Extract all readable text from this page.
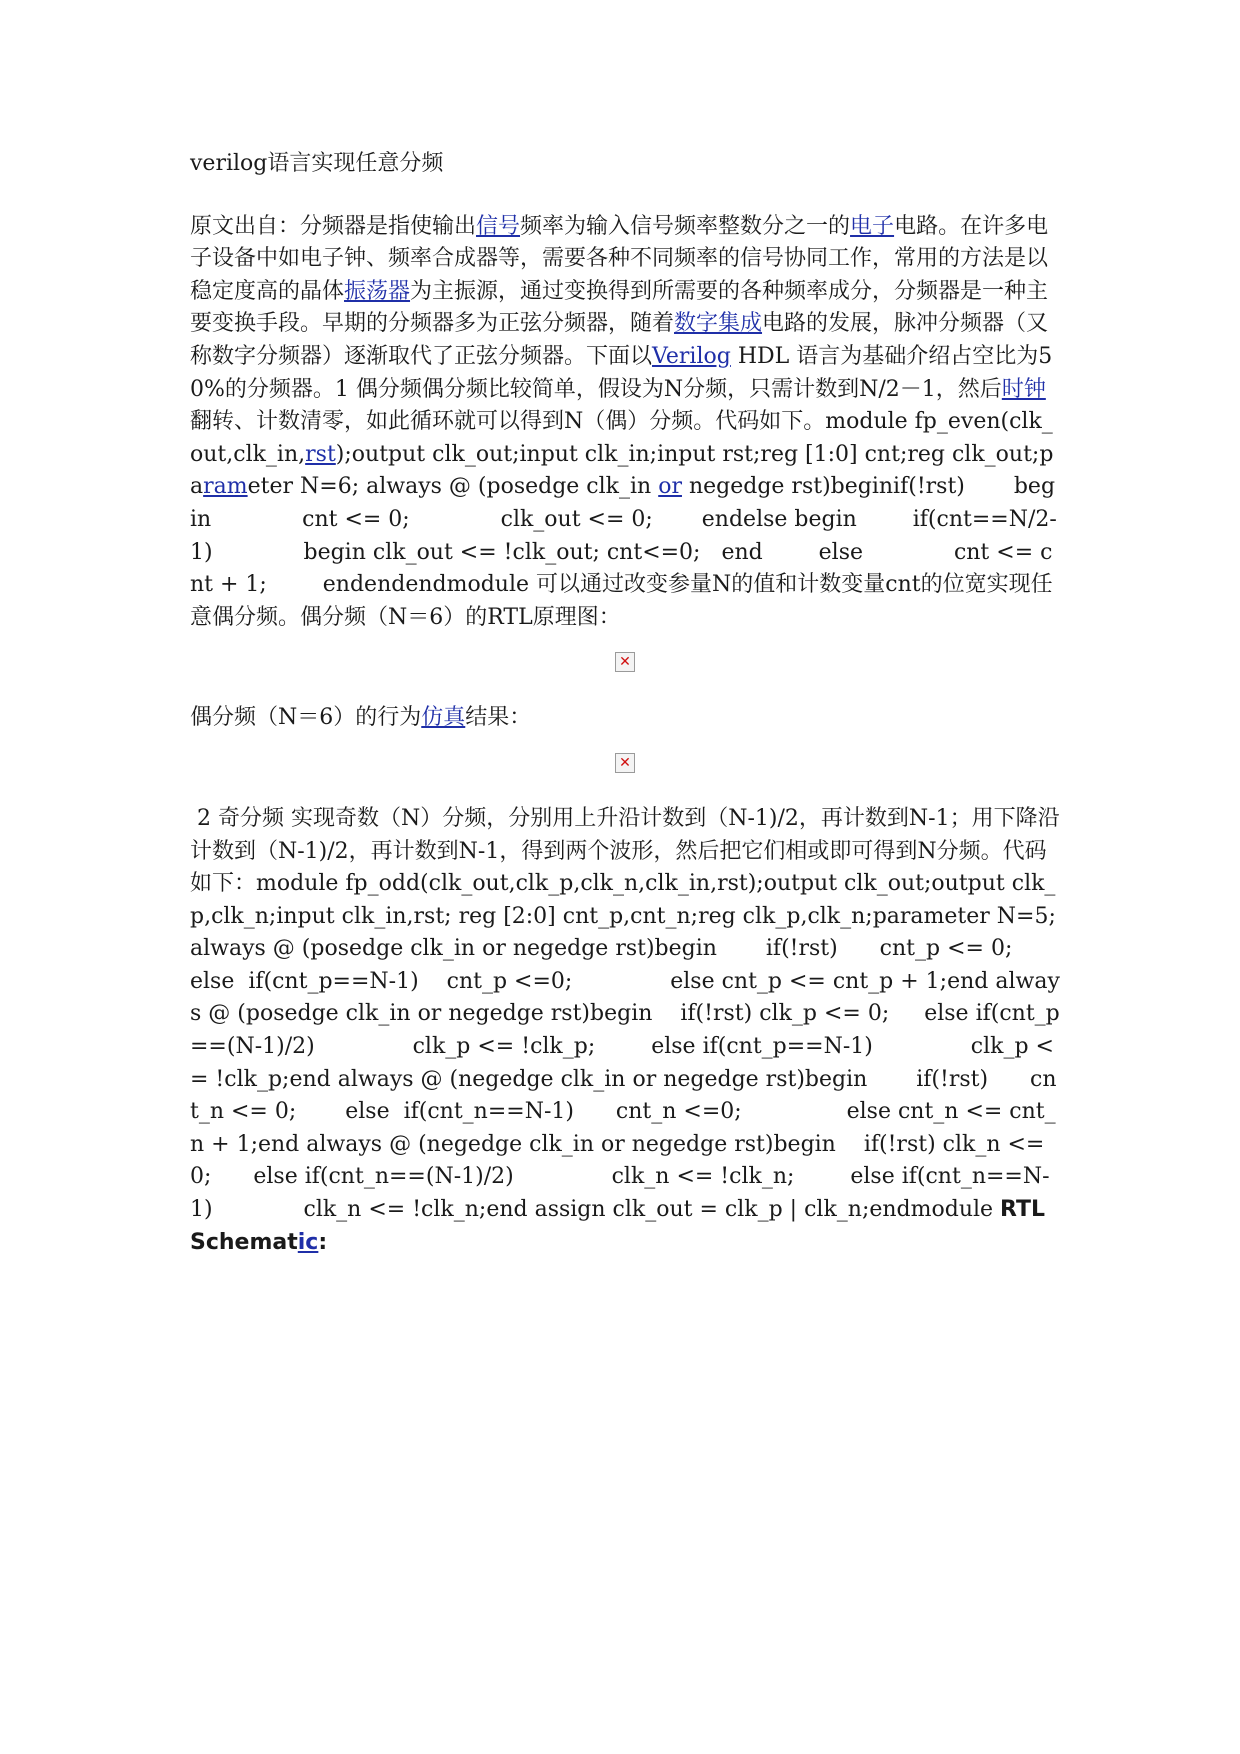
verilog语言实现任意分频

原文出自：分频器是指使输出信号频率为输入信号频率整数分之一的电子电路。在许多电子设备中如电子钟、频率合成器等，需要各种不同频率的信号协同工作，常用的方法是以稳定度高的晶体振荡器为主振源，通过变换得到所需要的各种频率成分，分频器是一种主要变换手段。早期的分频器多为正弦分频器，随着数字集成电路的发展，脉冲分频器（又称数字分频器）逐渐取代了正弦分频器。下面以Verilog HDL 语言为基础介绍占空比为50%的分频器。1 偶分频偶分频比较简单，假设为N分频，只需计数到N/2－1，然后时钟翻转、计数清零，如此循环就可以得到N（偶）分频。代码如下。module fp_even(clk_out,clk_in,rst);output clk_out;input clk_in;input rst;reg [1:0] cnt;reg clk_out;parameter N=6; always @ (posedge clk_in or negedge rst)beginif(!rst)       begin             cnt <= 0;             clk_out <= 0;       endelse begin        if(cnt==N/2-1)             begin clk_out <= !clk_out; cnt<=0;   end        else             cnt <= cnt + 1;        endendendmodule 可以通过改变参量N的值和计数变量cnt的位宽实现任意偶分频。偶分频（N＝6）的RTL原理图：

✕

偶分频（N＝6）的行为仿真结果：

✕

2 奇分频 实现奇数（N）分频，分别用上升沿计数到（N-1)/2，再计数到N-1；用下降沿计数到（N-1)/2，再计数到N-1，得到两个波形，然后把它们相或即可得到N分频。代码如下：module fp_odd(clk_out,clk_p,clk_n,clk_in,rst);output clk_out;output clk_p,clk_n;input clk_in,rst; reg [2:0] cnt_p,cnt_n;reg clk_p,clk_n;parameter N=5; always @ (posedge clk_in or negedge rst)begin       if(!rst)      cnt_p <= 0;        else  if(cnt_p==N-1)    cnt_p <=0;              else cnt_p <= cnt_p + 1;end always @ (posedge clk_in or negedge rst)begin    if(!rst) clk_p <= 0;     else if(cnt_p==(N-1)/2)              clk_p <= !clk_p;        else if(cnt_p==N-1)              clk_p <= !clk_p;end always @ (negedge clk_in or negedge rst)begin       if(!rst)      cnt_n <= 0;       else  if(cnt_n==N-1)      cnt_n <=0;               else cnt_n <= cnt_n + 1;end always @ (negedge clk_in or negedge rst)begin    if(!rst) clk_n <= 0;      else if(cnt_n==(N-1)/2)              clk_n <= !clk_n;        else if(cnt_n==N-1)             clk_n <= !clk_n;end assign clk_out = clk_p | clk_n;endmodule RTL Schematic:
